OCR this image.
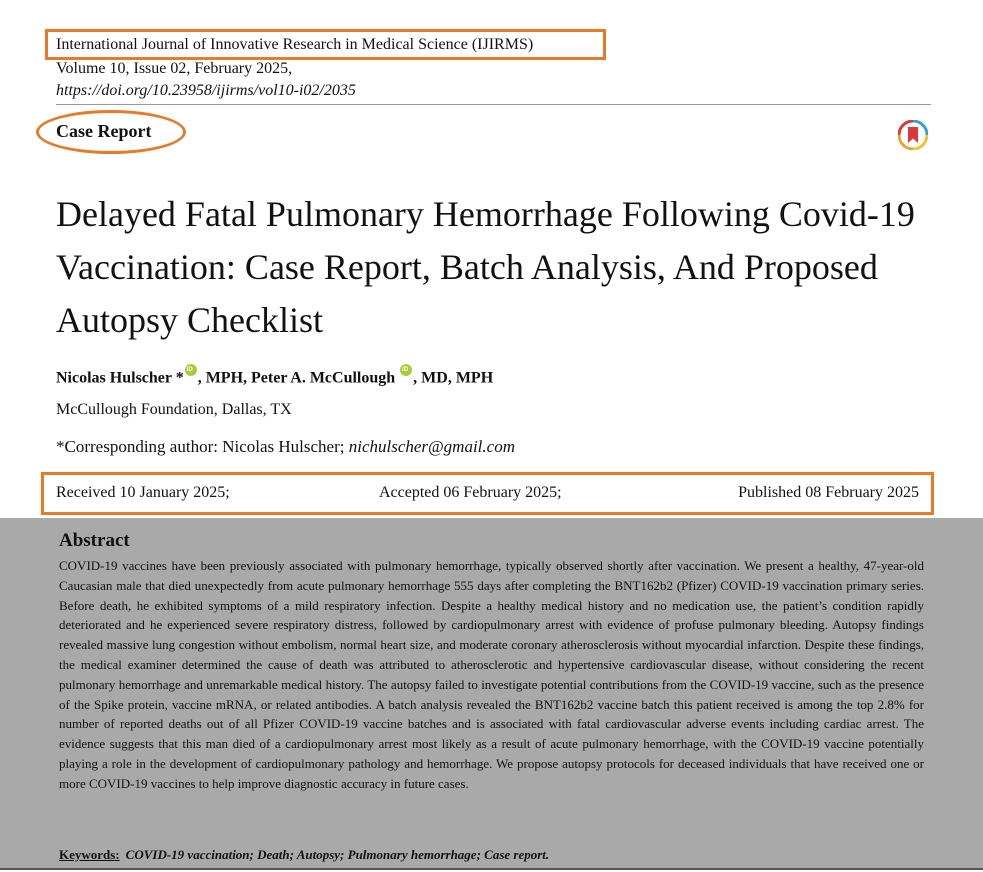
International Journal of Innovative Research in Medical Science (IJIRMS)
Volume 10, Issue 02, February 2025,
https://doi.org/10.23958/ijirms/vol10-i02/2035
Case Report
Delayed Fatal Pulmonary Hemorrhage Following Covid-19 Vaccination: Case Report, Batch Analysis, And Proposed Autopsy Checklist
Nicolas Hulscher *iD , MPH, Peter A. McCullough iD, MD, MPH
McCullough Foundation, Dallas, TX
*Corresponding author: Nicolas Hulscher; nichulscher@gmail.com
Received 10 January 2025;	Accepted 06 February 2025;	Published 08 February 2025
Abstract

COVID-19 vaccines have been previously associated with pulmonary hemorrhage, typically observed shortly after vaccination. We present a healthy, 47-year-old Caucasian male that died unexpectedly from acute pulmonary hemorrhage 555 days after completing the BNT162b2 (Pfizer) COVID-19 vaccination primary series. Before death, he exhibited symptoms of a mild respiratory infection. Despite a healthy medical history and no medication use, the patient’s condition rapidly deteriorated and he experienced severe respiratory distress, followed by cardiopulmonary arrest with evidence of profuse pulmonary bleeding. Autopsy findings revealed massive lung congestion without embolism, normal heart size, and moderate coronary atherosclerosis without myocardial infarction. Despite these findings, the medical examiner determined the cause of death was attributed to atherosclerotic and hypertensive cardiovascular disease, without considering the recent pulmonary hemorrhage and unremarkable medical history. The autopsy failed to investigate potential contributions from the COVID-19 vaccine, such as the presence of the Spike protein, vaccine mRNA, or related antibodies. A batch analysis revealed the BNT162b2 vaccine batch this patient received is among the top 2.8% for number of reported deaths out of all Pfizer COVID-19 vaccine batches and is associated with fatal cardiovascular adverse events including cardiac arrest. The evidence suggests that this man died of a cardiopulmonary arrest most likely as a result of acute pulmonary hemorrhage, with the COVID-19 vaccine potentially playing a role in the development of cardiopulmonary pathology and hemorrhage. We propose autopsy protocols for deceased individuals that have received one or more COVID-19 vaccines to help improve diagnostic accuracy in future cases.

Keywords: COVID-19 vaccination; Death; Autopsy; Pulmonary hemorrhage; Case report.
